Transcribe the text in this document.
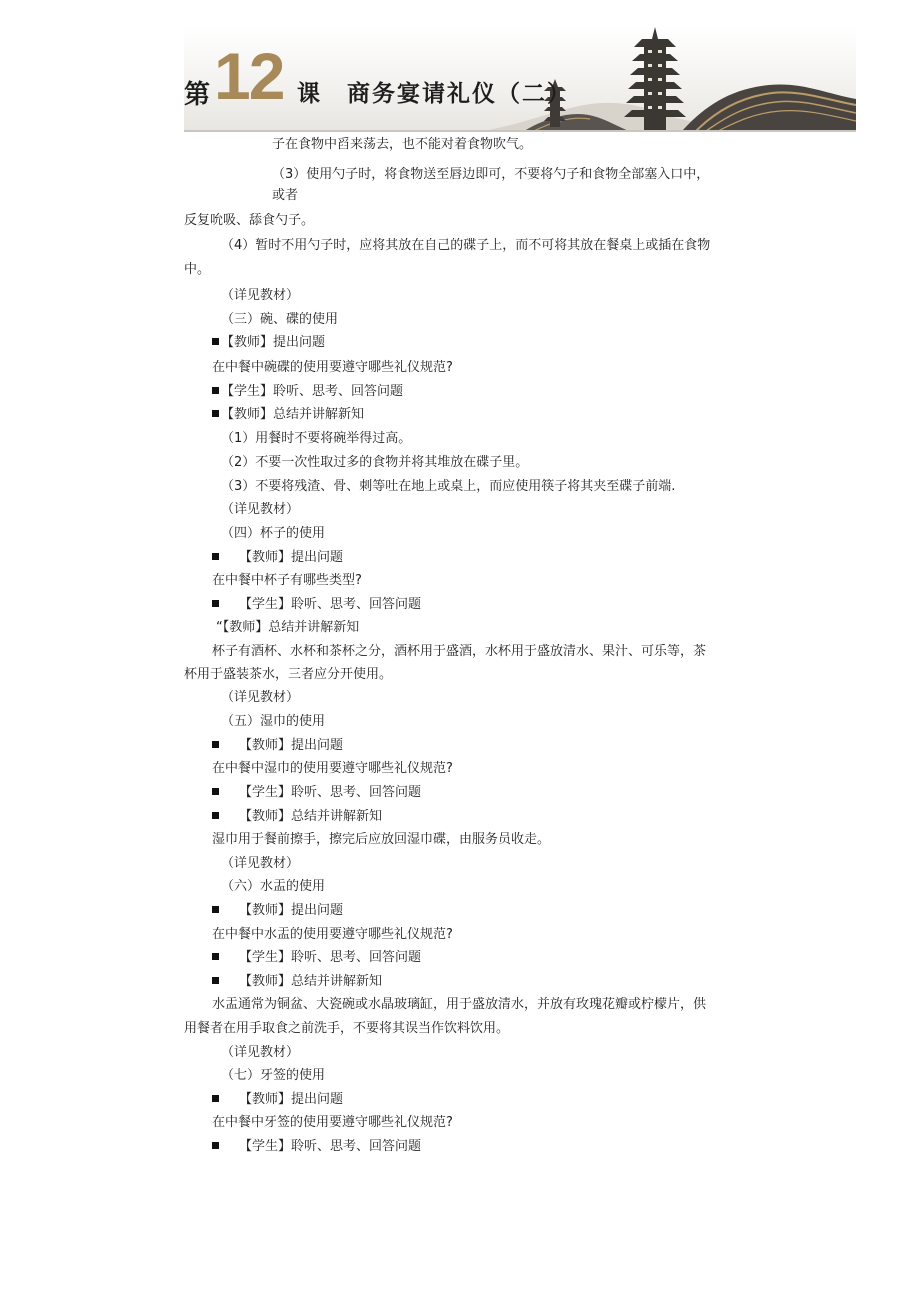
第 12 课　商务宴请礼仪（二）
子在食物中舀来荡去，也不能对着食物吹气。
（3）使用勺子时，将食物送至唇边即可，不要将勺子和食物全部塞入口中，
或者
反复吮吸、舔食勺子。
（4）暂时不用勺子时，应将其放在自己的碟子上，而不可将其放在餐桌上或插在食物
中。
（详见教材）
（三）碗、碟的使用
【教师】提出问题
在中餐中碗碟的使用要遵守哪些礼仪规范?
【学生】聆听、思考、回答问题
【教师】总结并讲解新知
（1）用餐时不要将碗举得过高。
（2）不要一次性取过多的食物并将其堆放在碟子里。
（3）不要将残渣、骨、刺等吐在地上或桌上，而应使用筷子将其夹至碟子前端.
（详见教材）
（四）杯子的使用
【教师】提出问题
在中餐中杯子有哪些类型?
【学生】聆听、思考、回答问题
“【教师】总结并讲解新知
杯子有酒杯、水杯和茶杯之分，酒杯用于盛酒，水杯用于盛放清水、果汁、可乐等，茶
杯用于盛装茶水，三者应分开使用。
（详见教材）
（五）湿巾的使用
【教师】提出问题
在中餐中湿巾的使用要遵守哪些礼仪规范?
【学生】聆听、思考、回答问题
【教师】总结并讲解新知
湿巾用于餐前擦手，擦完后应放回湿巾碟，由服务员收走。
（详见教材）
（六）水盂的使用
【教师】提出问题
在中餐中水盂的使用要遵守哪些礼仪规范?
【学生】聆听、思考、回答问题
【教师】总结并讲解新知
水盂通常为铜盆、大瓷碗或水晶玻璃缸，用于盛放清水，并放有玫瑰花瓣或柠檬片，供
用餐者在用手取食之前洗手，不要将其误当作饮料饮用。
（详见教材）
（七）牙签的使用
【教师】提出问题
在中餐中牙签的使用要遵守哪些礼仪规范?
【学生】聆听、思考、回答问题
